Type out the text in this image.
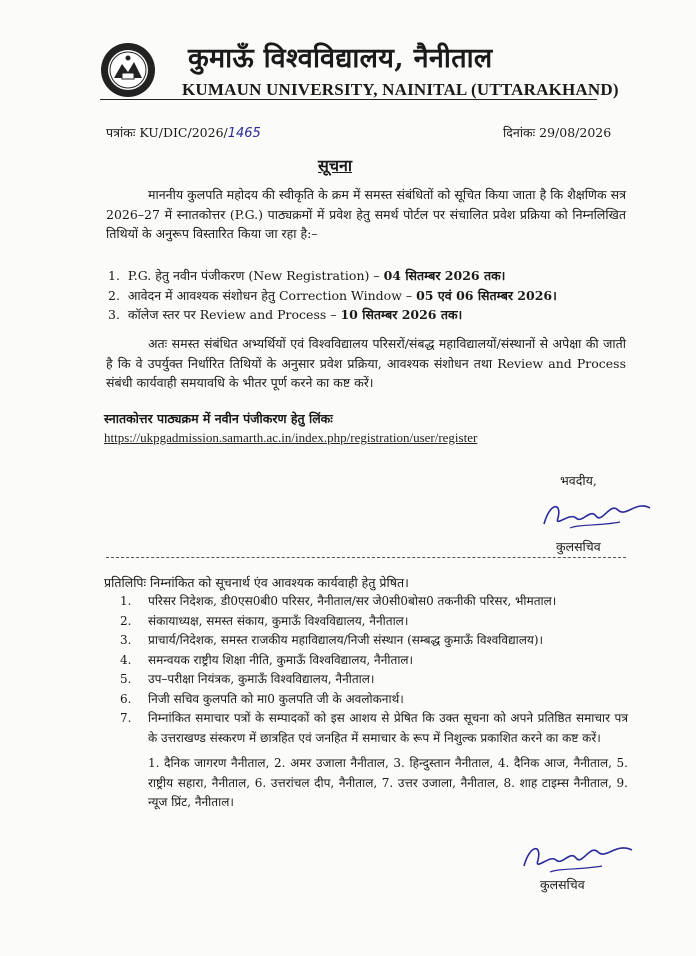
कुमाऊँ विश्वविद्यालय, नैनीताल
KUMAUN UNIVERSITY, NAINITAL (UTTARAKHAND)
पत्रांकः KU/DIC/2026/1465	दिनांकः 29/08/2026
सूचना

माननीय कुलपति महोदय की स्वीकृति के क्रम में समस्त संबंधितों को सूचित किया जाता है कि शैक्षणिक सत्र 2026–27 में स्नातकोत्तर (P.G.) पाठ्यक्रमों में प्रवेश हेतु समर्थ पोर्टल पर संचालित प्रवेश प्रक्रिया को निम्नलिखित तिथियों के अनुरूप विस्तारित किया जा रहा है:–

1. P.G. हेतु नवीन पंजीकरण (New Registration) – 04 सितम्बर 2026 तक।
2. आवेदन में आवश्यक संशोधन हेतु Correction Window – 05 एवं 06 सितम्बर 2026।
3. कॉलेज स्तर पर Review and Process – 10 सितम्बर 2026 तक।

अतः समस्त संबंधित अभ्यर्थियों एवं विश्वविद्यालय परिसरों/संबद्ध महाविद्यालयों/संस्थानों से अपेक्षा की जाती है कि वे उपर्युक्त निर्धारित तिथियों के अनुसार प्रवेश प्रक्रिया, आवश्यक संशोधन तथा Review and Process संबंधी कार्यवाही समयावधि के भीतर पूर्ण करने का कष्ट करें।

स्नातकोत्तर पाठ्यक्रम में नवीन पंजीकरण हेतु लिंकः
https://ukpgadmission.samarth.ac.in/index.php/registration/user/register
भवदीय,
कुलसचिव
प्रतिलिपिः निम्नांकित को सूचनार्थ एंव आवश्यक कार्यवाही हेतु प्रेषित।
1.	परिसर निदेशक, डी0एस0बी0 परिसर, नैनीताल/सर जे0सी0बोस0 तकनीकी परिसर, भीमताल।
2.	संकायाध्यक्ष, समस्त संकाय, कुमाऊँ विश्वविद्यालय, नैनीताल।
3.	प्राचार्य/निदेशक, समस्त राजकीय महाविद्यालय/निजी संस्थान (सम्बद्ध कुमाऊँ विश्वविद्यालय)।
4.	समन्वयक राष्ट्रीय शिक्षा नीति, कुमाऊँ विश्वविद्यालय, नैनीताल।
5.	उप–परीक्षा नियंत्रक, कुमाऊँ विश्वविद्यालय, नैनीताल।
6.	निजी सचिव कुलपति को मा0 कुलपति जी के अवलोकनार्थ।
7.	निम्नांकित समाचार पत्रों के सम्पादकों को इस आशय से प्रेषित कि उक्त सूचना को अपने प्रतिष्ठित समाचार पत्र के उत्तराखण्ड संस्करण में छात्रहित एवं जनहित में समाचार के रूप में निशुल्क प्रकाशित करने का कष्ट करें।
1. दैनिक जागरण नैनीताल, 2. अमर उजाला नैनीताल, 3. हिन्दुस्तान नैनीताल, 4. दैनिक आज, नैनीताल, 5. राष्ट्रीय सहारा, नैनीताल, 6. उत्तरांचल दीप, नैनीताल, 7. उत्तर उजाला, नैनीताल, 8. शाह टाइम्स नैनीताल, 9. न्यूज प्रिंट, नैनीताल।
कुलसचिव
